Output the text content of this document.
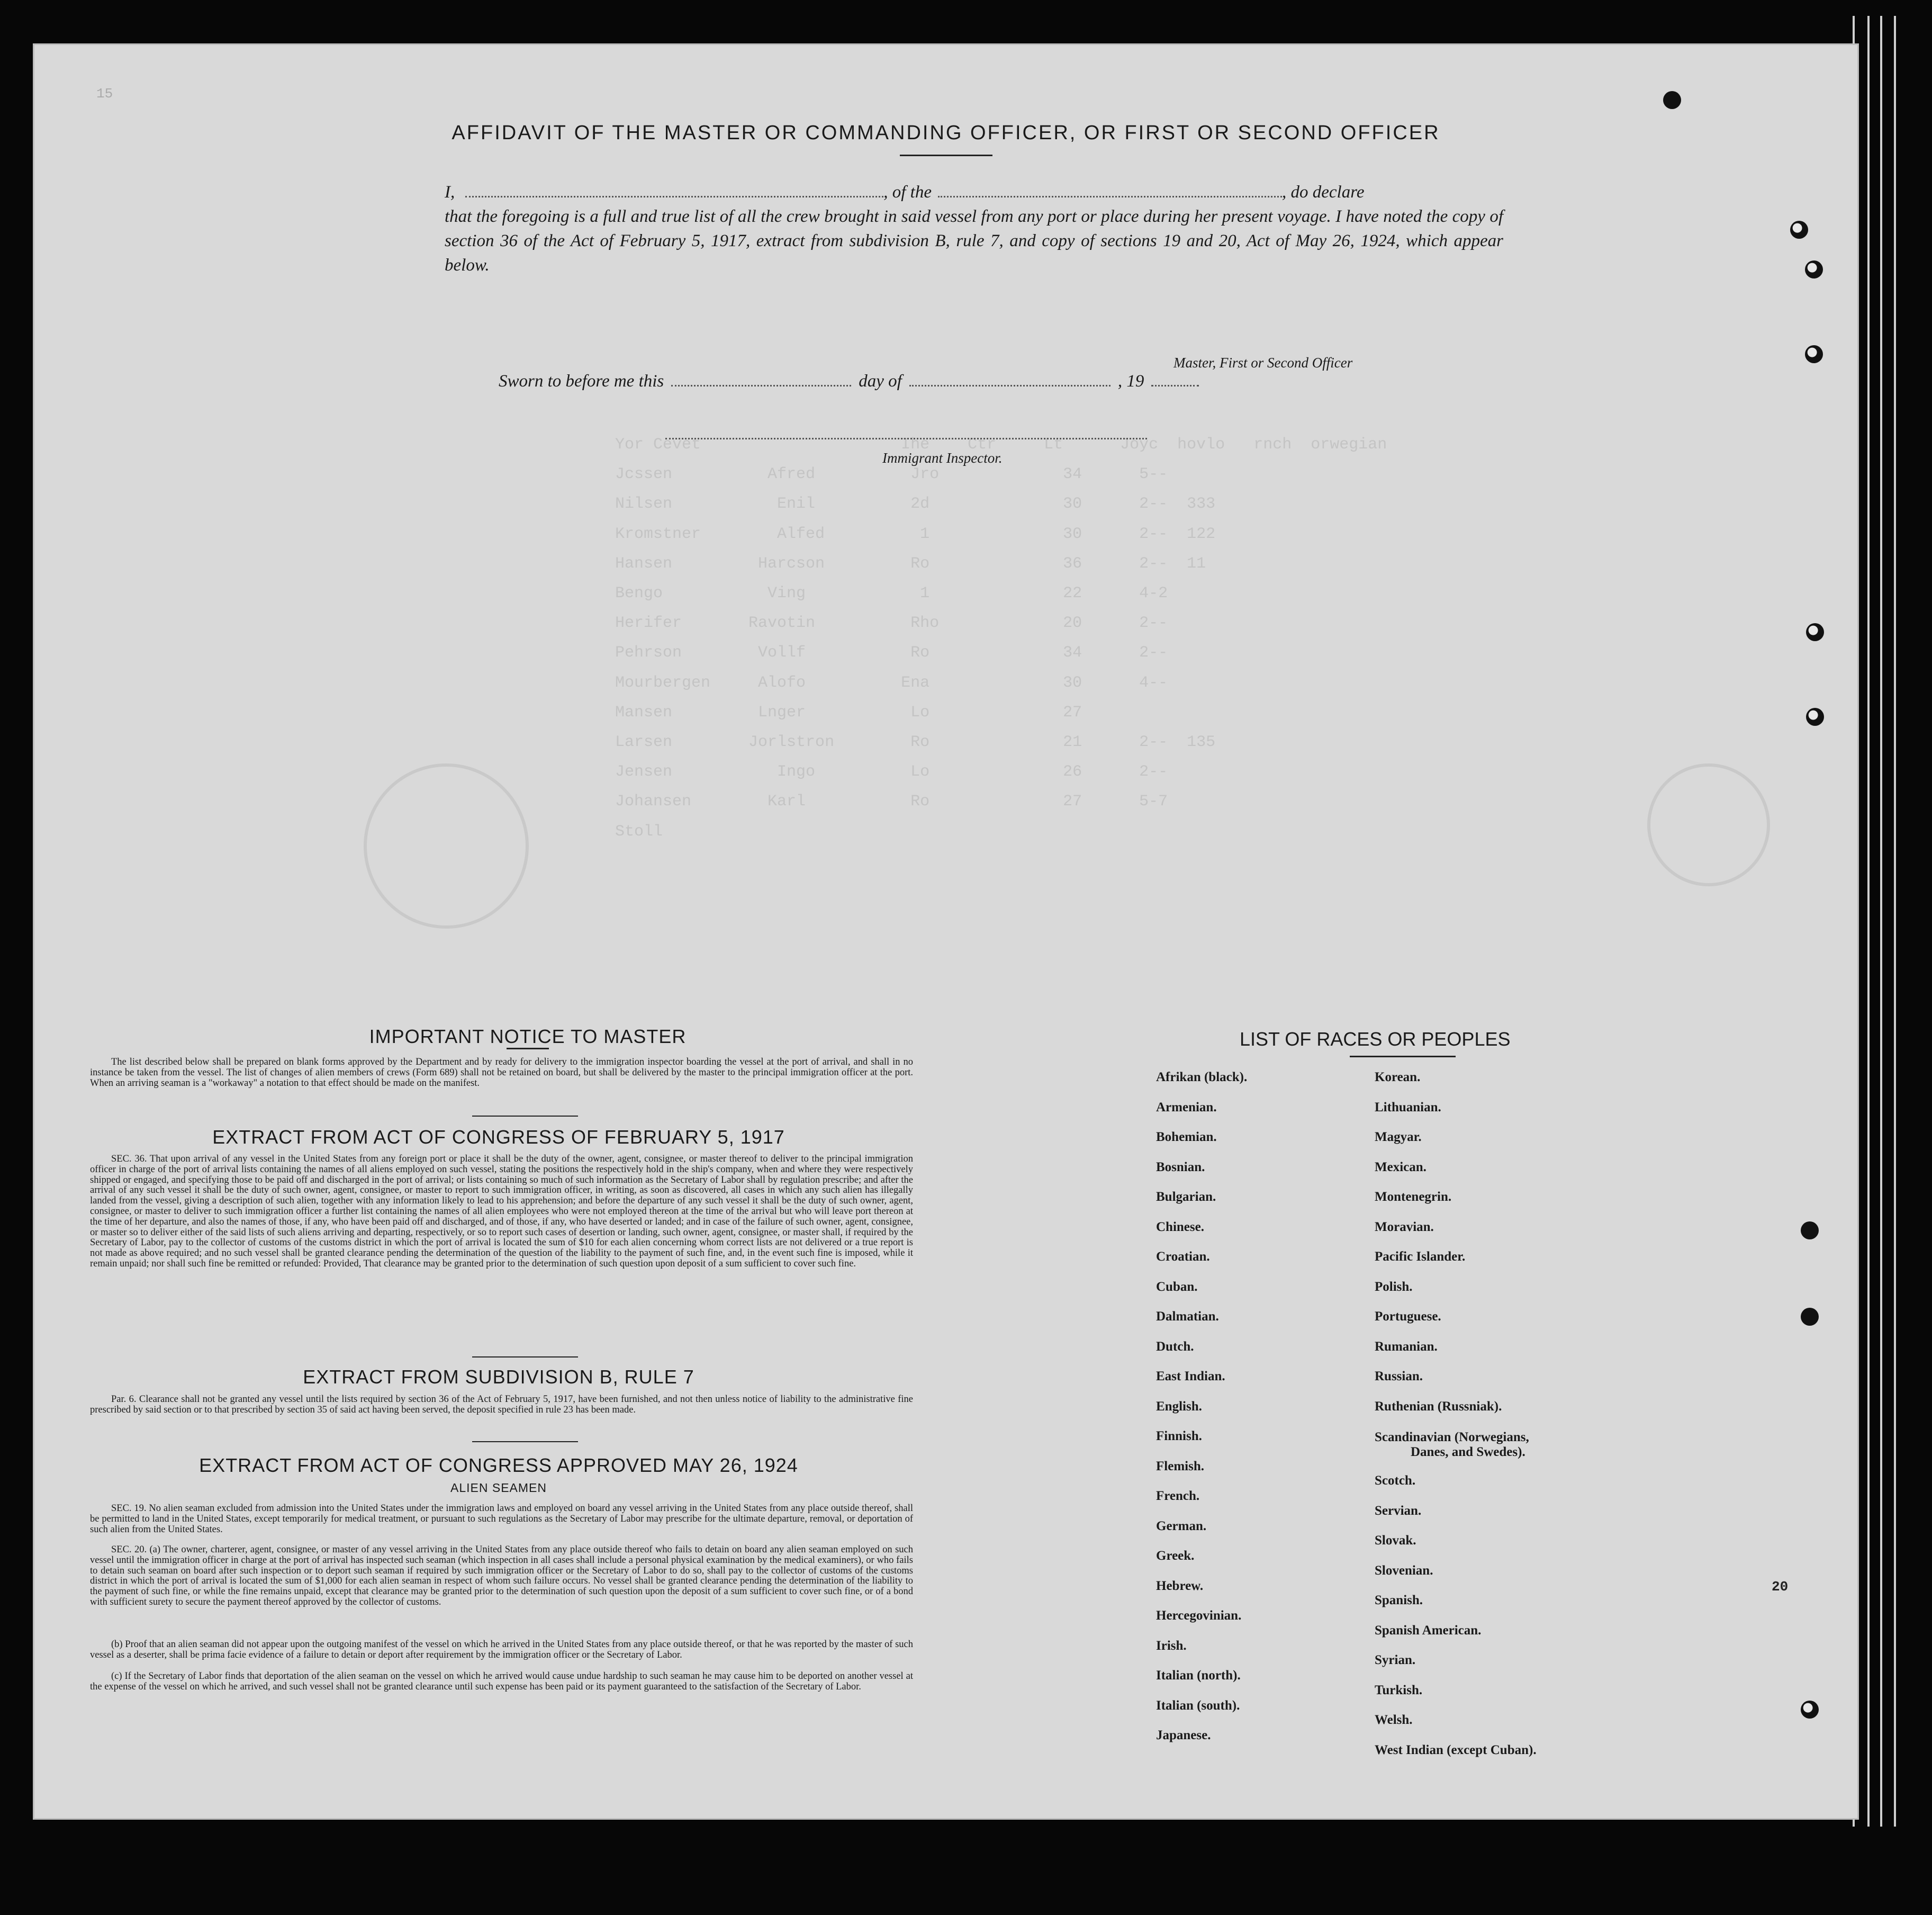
Yor Cevet                     Ihe    Ctr     Lt      Joyc  hovlo   rnch  orwegian
Jcssen          Afred          Jro             34      5--
Nilsen           Enil          2d              30      2--  333
Kromstner        Alfed          1              30      2--  122
Hansen         Harcson         Ro              36      2--  11
Bengo           Ving            1              22      4-2
Herifer       Ravotin          Rho             20      2--
Pehrson        Vollf           Ro              34      2--
Mourbergen     Alofo          Ena              30      4--
Mansen         Lnger           Lo              27
Larsen        Jorlstron        Ro              21      2--  135
Jensen           Ingo          Lo              26      2--
Johansen        Karl           Ro              27      5-7
Stoll
15
20
AFFIDAVIT OF THE MASTER OR COMMANDING OFFICER, OR FIRST OR SECOND OFFICER
I,	, of the	, do declare
that the foregoing is a full and true list of all the crew brought in said vessel from any port or place during her present voyage. I have noted the copy of section 36 of the Act of February 5, 1917, extract from subdivision B, rule 7, and copy of sections 19 and 20, Act of May 26, 1924, which appear below.
Master, First or Second Officer
Sworn to before me this	day of	, 19
Immigrant Inspector.
IMPORTANT NOTICE TO MASTER
The list described below shall be prepared on blank forms approved by the Department and by ready for delivery to the immigration inspector boarding the vessel at the port of arrival, and shall in no instance be taken from the vessel. The list of changes of alien members of crews (Form 689) shall not be retained on board, but shall be delivered by the master to the principal immigration officer at the port. When an arriving seaman is a "workaway" a notation to that effect should be made on the manifest.
EXTRACT FROM ACT OF CONGRESS OF FEBRUARY 5, 1917
SEC. 36. That upon arrival of any vessel in the United States from any foreign port or place it shall be the duty of the owner, agent, consignee, or master thereof to deliver to the principal immigration officer in charge of the port of arrival lists containing the names of all aliens employed on such vessel, stating the positions the respectively hold in the ship's company, when and where they were respectively shipped or engaged, and specifying those to be paid off and discharged in the port of arrival; or lists containing so much of such information as the Secretary of Labor shall by regulation prescribe; and after the arrival of any such vessel it shall be the duty of such owner, agent, consignee, or master to report to such immigration officer, in writing, as soon as discovered, all cases in which any such alien has illegally landed from the vessel, giving a description of such alien, together with any information likely to lead to his apprehension; and before the departure of any such vessel it shall be the duty of such owner, agent, consignee, or master to deliver to such immigration officer a further list containing the names of all alien employees who were not employed thereon at the time of the arrival but who will leave port thereon at the time of her departure, and also the names of those, if any, who have been paid off and discharged, and of those, if any, who have deserted or landed; and in case of the failure of such owner, agent, consignee, or master so to deliver either of the said lists of such aliens arriving and departing, respectively, or so to report such cases of desertion or landing, such owner, agent, consignee, or master shall, if required by the Secretary of Labor, pay to the collector of customs of the customs district in which the port of arrival is located the sum of $10 for each alien concerning whom correct lists are not delivered or a true report is not made as above required; and no such vessel shall be granted clearance pending the determination of the question of the liability to the payment of such fine, and, in the event such fine is imposed, while it remain unpaid; nor shall such fine be remitted or refunded: Provided, That clearance may be granted prior to the determination of such question upon deposit of a sum sufficient to cover such fine.
EXTRACT FROM SUBDIVISION B, RULE 7
Par. 6. Clearance shall not be granted any vessel until the lists required by section 36 of the Act of February 5, 1917, have been furnished, and not then unless notice of liability to the administrative fine prescribed by said section or to that prescribed by section 35 of said act having been served, the deposit specified in rule 23 has been made.
EXTRACT FROM ACT OF CONGRESS APPROVED MAY 26, 1924
ALIEN SEAMEN
SEC. 19. No alien seaman excluded from admission into the United States under the immigration laws and employed on board any vessel arriving in the United States from any place outside thereof, shall be permitted to land in the United States, except temporarily for medical treatment, or pursuant to such regulations as the Secretary of Labor may prescribe for the ultimate departure, removal, or deportation of such alien from the United States.
SEC. 20. (a) The owner, charterer, agent, consignee, or master of any vessel arriving in the United States from any place outside thereof who fails to detain on board any alien seaman employed on such vessel until the immigration officer in charge at the port of arrival has inspected such seaman (which inspection in all cases shall include a personal physical examination by the medical examiners), or who fails to detain such seaman on board after such inspection or to deport such seaman if required by such immigration officer or the Secretary of Labor to do so, shall pay to the collector of customs of the customs district in which the port of arrival is located the sum of $1,000 for each alien seaman in respect of whom such failure occurs. No vessel shall be granted clearance pending the determination of the liability to the payment of such fine, or while the fine remains unpaid, except that clearance may be granted prior to the determination of such question upon the deposit of a sum sufficient to cover such fine, or of a bond with sufficient surety to secure the payment thereof approved by the collector of customs.
(b) Proof that an alien seaman did not appear upon the outgoing manifest of the vessel on which he arrived in the United States from any place outside thereof, or that he was reported by the master of such vessel as a deserter, shall be prima facie evidence of a failure to detain or deport after requirement by the immigration officer or the Secretary of Labor.
(c) If the Secretary of Labor finds that deportation of the alien seaman on the vessel on which he arrived would cause undue hardship to such seaman he may cause him to be deported on another vessel at the expense of the vessel on which he arrived, and such vessel shall not be granted clearance until such expense has been paid or its payment guaranteed to the satisfaction of the Secretary of Labor.
LIST OF RACES OR PEOPLES
Afrikan (black).
Armenian.
Bohemian.
Bosnian.
Bulgarian.
Chinese.
Croatian.
Cuban.
Dalmatian.
Dutch.
East Indian.
English.
Finnish.
Flemish.
French.
German.
Greek.
Hebrew.
Hercegovinian.
Irish.
Italian (north).
Italian (south).
Japanese.
Korean.
Lithuanian.
Magyar.
Mexican.
Montenegrin.
Moravian.
Pacific Islander.
Polish.
Portuguese.
Rumanian.
Russian.
Ruthenian (Russniak).
Scandinavian (Norwegians,
Danes, and Swedes).
Scotch.
Servian.
Slovak.
Slovenian.
Spanish.
Spanish American.
Syrian.
Turkish.
Welsh.
West Indian (except Cuban).
